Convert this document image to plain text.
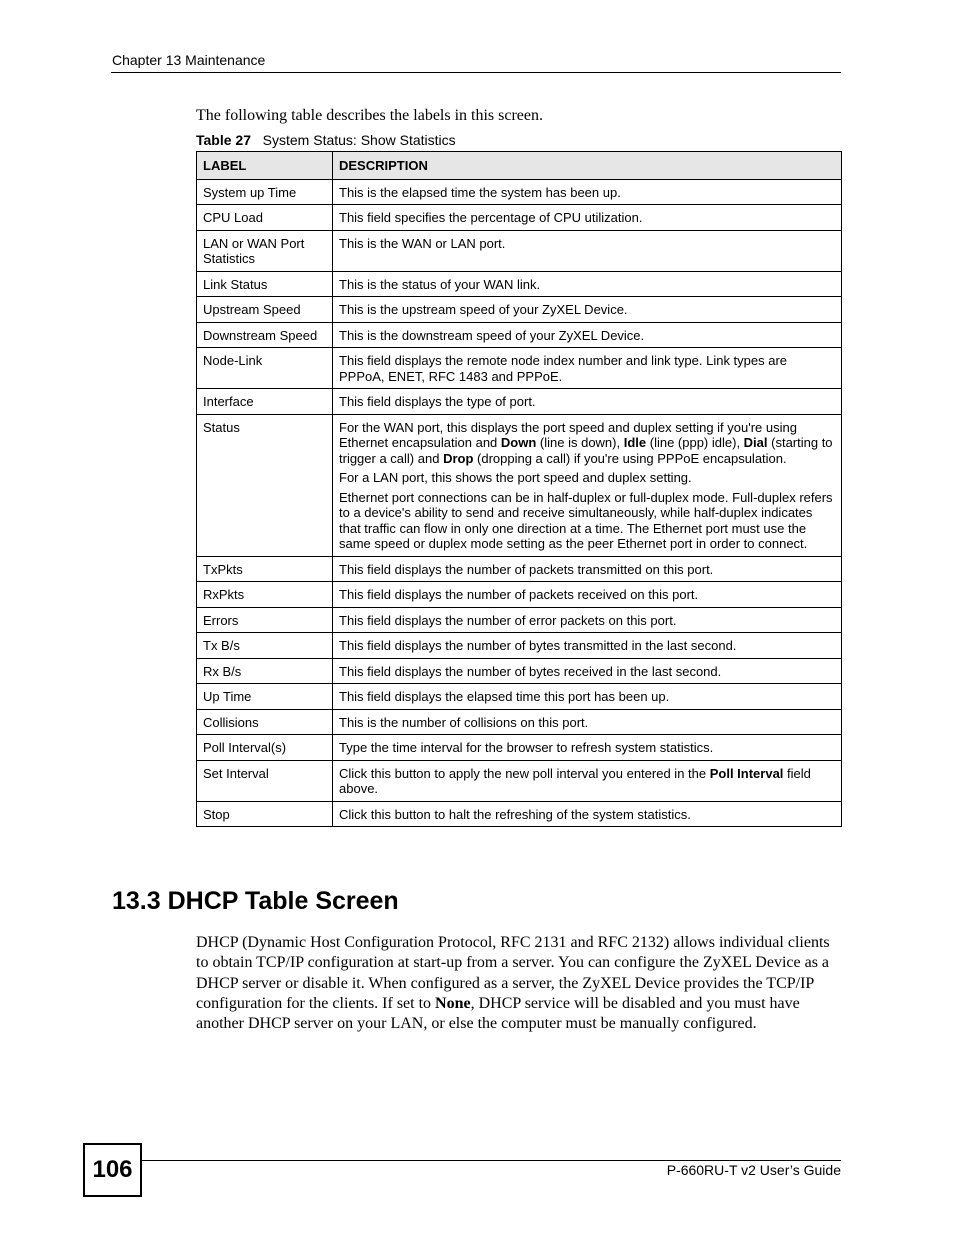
Chapter 13 Maintenance
The following table describes the labels in this screen.
Table 27 System Status: Show Statistics
LABEL	DESCRIPTION
System up Time	This is the elapsed time the system has been up.

CPU Load	This field specifies the percentage of CPU utilization.

LAN or WAN Port Statistics	This is the WAN or LAN port.

Link Status	This is the status of your WAN link.

Upstream Speed	This is the upstream speed of your ZyXEL Device.

Downstream Speed	This is the downstream speed of your ZyXEL Device.

Node-Link	This field displays the remote node index number and link type. Link types are PPPoA, ENET, RFC 1483 and PPPoE.

Interface	This field displays the type of port.

Status	For the WAN port, this displays the port speed and duplex setting if you're using Ethernet encapsulation and Down (line is down), Idle (line (ppp) idle), Dial (starting to trigger a call) and Drop (dropping a call) if you're using PPPoE encapsulation.

For a LAN port, this shows the port speed and duplex setting.

Ethernet port connections can be in half-duplex or full-duplex mode. Full-duplex refers to a device's ability to send and receive simultaneously, while half-duplex indicates that traffic can flow in only one direction at a time. The Ethernet port must use the same speed or duplex mode setting as the peer Ethernet port in order to connect.

TxPkts	This field displays the number of packets transmitted on this port.

RxPkts	This field displays the number of packets received on this port.

Errors	This field displays the number of error packets on this port.

Tx B/s	This field displays the number of bytes transmitted in the last second.

Rx B/s	This field displays the number of bytes received in the last second.

Up Time	This field displays the elapsed time this port has been up.

Collisions	This is the number of collisions on this port.

Poll Interval(s)	Type the time interval for the browser to refresh system statistics.

Set Interval	Click this button to apply the new poll interval you entered in the Poll Interval field above.

Stop	Click this button to halt the refreshing of the system statistics.

13.3 DHCP Table Screen
DHCP (Dynamic Host Configuration Protocol, RFC 2131 and RFC 2132) allows individual clients to obtain TCP/IP configuration at start-up from a server. You can configure the ZyXEL Device as a DHCP server or disable it. When configured as a server, the ZyXEL Device provides the TCP/IP configuration for the clients. If set to None, DHCP service will be disabled and you must have another DHCP server on your LAN, or else the computer must be manually configured.
106	P-660RU-T v2 User’s Guide
